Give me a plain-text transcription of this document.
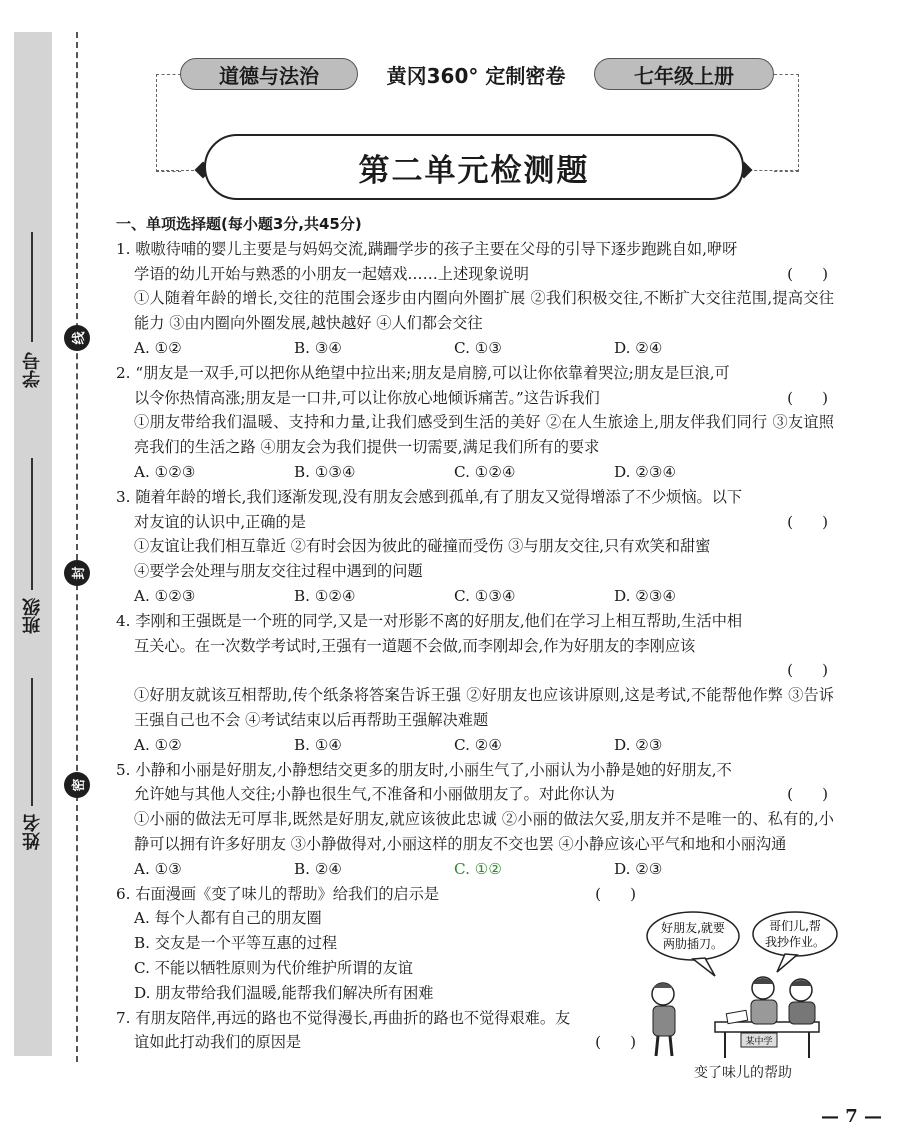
学号
班级
姓名
线
封
密
道德与法治	黄冈360° 定制密卷	七年级上册
第二单元检测题
一、单项选择题(每小题3分,共45分)
1. 嗷嗷待哺的婴儿主要是与妈妈交流,蹒跚学步的孩子主要在父母的引导下逐步跑跳自如,咿呀
学语的幼儿开始与熟悉的小朋友一起嬉戏……上述现象说明	(      )
①人随着年龄的增长,交往的范围会逐步由内圈向外圈扩展 ②我们积极交往,不断扩大交往范围,提高交往能力 ③由内圈向外圈发展,越快越好 ④人们都会交往
A. ①②	B. ③④	C. ①③	D. ②④
2. “朋友是一双手,可以把你从绝望中拉出来;朋友是肩膀,可以让你依靠着哭泣;朋友是巨浪,可
以令你热情高涨;朋友是一口井,可以让你放心地倾诉痛苦。”这告诉我们	(      )
①朋友带给我们温暖、支持和力量,让我们感受到生活的美好 ②在人生旅途上,朋友伴我们同行 ③友谊照亮我们的生活之路 ④朋友会为我们提供一切需要,满足我们所有的要求
A. ①②③	B. ①③④	C. ①②④	D. ②③④
3. 随着年龄的增长,我们逐渐发现,没有朋友会感到孤单,有了朋友又觉得增添了不少烦恼。以下
对友谊的认识中,正确的是	(      )
①友谊让我们相互靠近 ②有时会因为彼此的碰撞而受伤 ③与朋友交往,只有欢笑和甜蜜
④要学会处理与朋友交往过程中遇到的问题
A. ①②③	B. ①②④	C. ①③④	D. ②③④
4. 李刚和王强既是一个班的同学,又是一对形影不离的好朋友,他们在学习上相互帮助,生活中相
互关心。在一次数学考试时,王强有一道题不会做,而李刚却会,作为好朋友的李刚应该
(      )
①好朋友就该互相帮助,传个纸条将答案告诉王强 ②好朋友也应该讲原则,这是考试,不能帮他作弊 ③告诉王强自己也不会 ④考试结束以后再帮助王强解决难题
A. ①②	B. ①④	C. ②④	D. ②③
5. 小静和小丽是好朋友,小静想结交更多的朋友时,小丽生气了,小丽认为小静是她的好朋友,不
允许她与其他人交往;小静也很生气,不准备和小丽做朋友了。对此你认为	(      )
①小丽的做法无可厚非,既然是好朋友,就应该彼此忠诚 ②小丽的做法欠妥,朋友并不是唯一的、私有的,小静可以拥有许多好朋友 ③小静做得对,小丽这样的朋友不交也罢 ④小静应该心平气和地和小丽沟通
A. ①③	B. ②④	C. ①②	D. ②③
6. 右面漫画《变了味儿的帮助》给我们的启示是	(      )
A. 每个人都有自己的朋友圈
B. 交友是一个平等互惠的过程
C. 不能以牺牲原则为代价维护所谓的友谊
D. 朋友带给我们温暖,能帮我们解决所有困难
7. 有朋友陪伴,再远的路也不觉得漫长,再曲折的路也不觉得艰难。友
谊如此打动我们的原因是	(      )
好朋友,就要
两肋插刀。
哥们儿,帮
我抄作业。
某中学
变了味儿的帮助
— 7 —
